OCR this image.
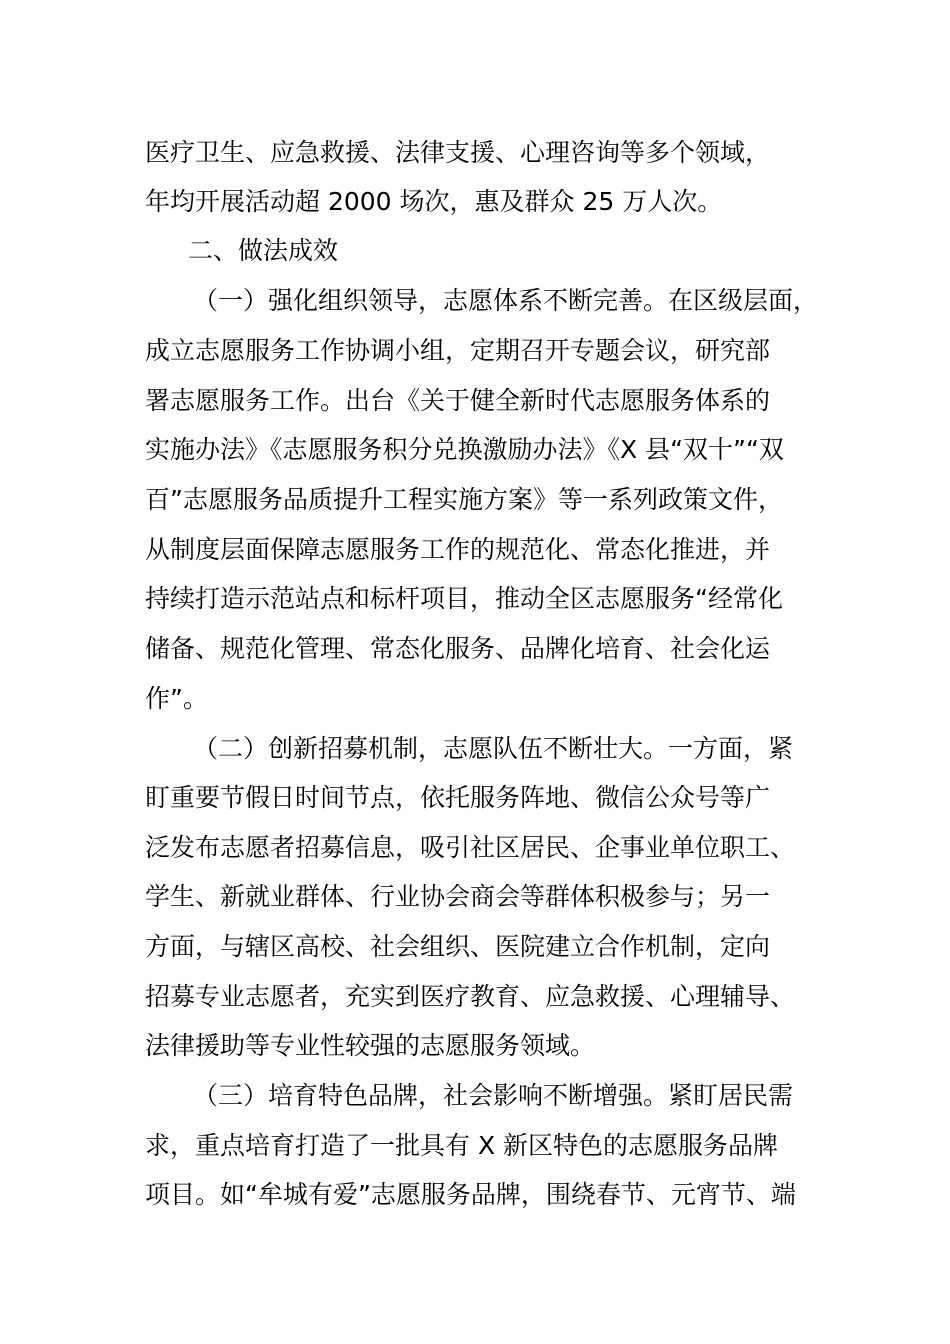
医疗卫生、应急救援、法律支援、心理咨询等多个领域，
年均开展活动超 2000 场次，惠及群众 25 万人次。
二、做法成效
（一）强化组织领导，志愿体系不断完善。在区级层面，
成立志愿服务工作协调小组，定期召开专题会议，研究部
署志愿服务工作。出台《关于健全新时代志愿服务体系的
实施办法》《志愿服务积分兑换激励办法》《X 县“双十”“双
百”志愿服务品质提升工程实施方案》等一系列政策文件，
从制度层面保障志愿服务工作的规范化、常态化推进，并
持续打造示范站点和标杆项目，推动全区志愿服务“经常化
储备、规范化管理、常态化服务、品牌化培育、社会化运
作”。
（二）创新招募机制，志愿队伍不断壮大。一方面，紧
盯重要节假日时间节点，依托服务阵地、微信公众号等广
泛发布志愿者招募信息，吸引社区居民、企事业单位职工、
学生、新就业群体、行业协会商会等群体积极参与；另一
方面，与辖区高校、社会组织、医院建立合作机制，定向
招募专业志愿者，充实到医疗教育、应急救援、心理辅导、
法律援助等专业性较强的志愿服务领域。
（三）培育特色品牌，社会影响不断增强。紧盯居民需
求，重点培育打造了一批具有 X 新区特色的志愿服务品牌
项目。如“牟城有爱”志愿服务品牌，围绕春节、元宵节、端
